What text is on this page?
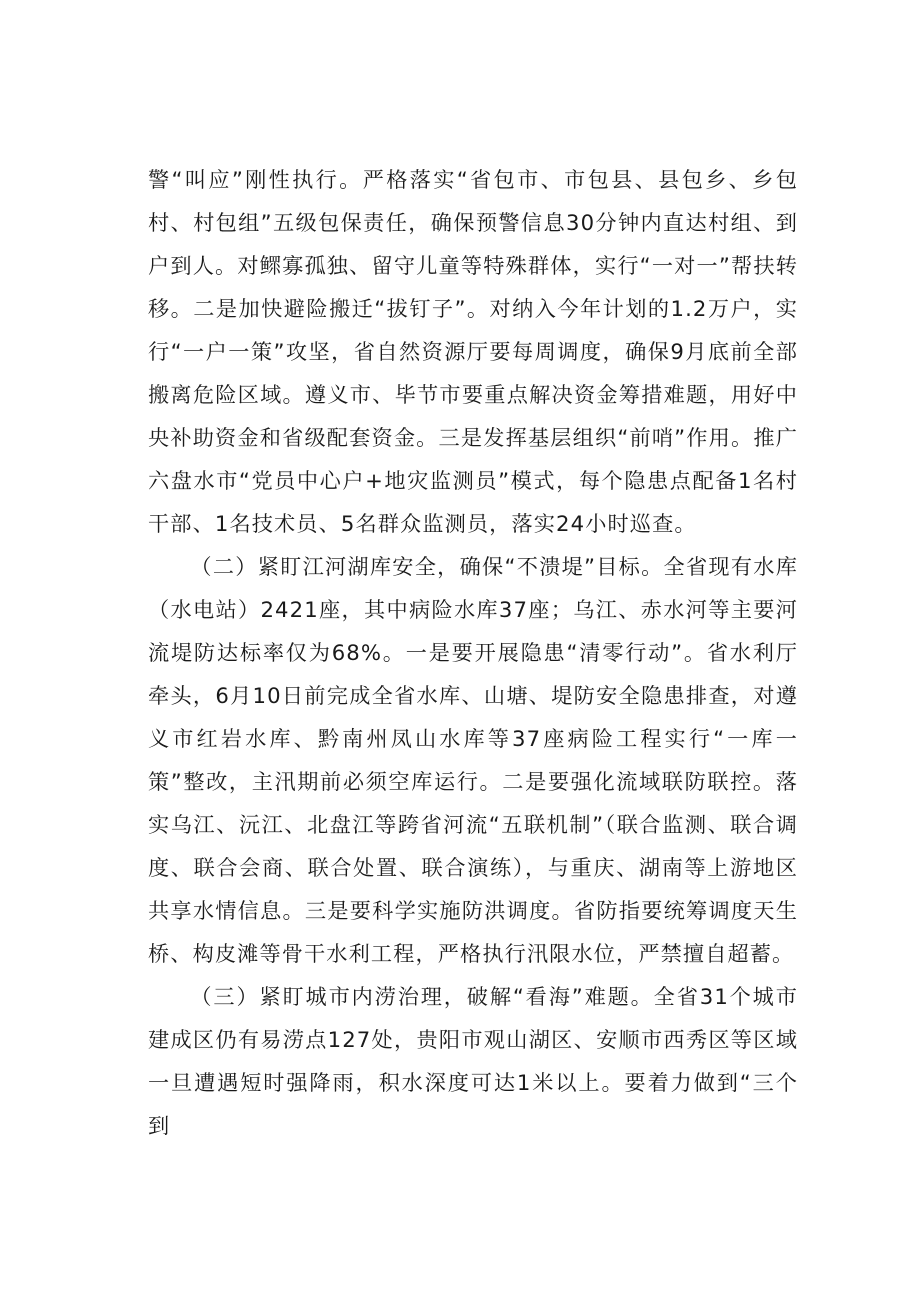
警“叫应”刚性执行。严格落实“省包市、市包县、县包乡、乡包村、村包组”五级包保责任，确保预警信息30分钟内直达村组、到户到人。对鳏寡孤独、留守儿童等特殊群体，实行“一对一”帮扶转移。二是加快避险搬迁“拔钉子”。对纳入今年计划的1.2万户，实行“一户一策”攻坚，省自然资源厅要每周调度，确保9月底前全部搬离危险区域。遵义市、毕节市要重点解决资金筹措难题，用好中央补助资金和省级配套资金。三是发挥基层组织“前哨”作用。推广六盘水市“党员中心户+地灾监测员”模式，每个隐患点配备1名村干部、1名技术员、5名群众监测员，落实24小时巡查。

（二）紧盯江河湖库安全，确保“不溃堤”目标。全省现有水库（水电站）2421座，其中病险水库37座；乌江、赤水河等主要河流堤防达标率仅为68%。一是要开展隐患“清零行动”。省水利厅牵头，6月10日前完成全省水库、山塘、堤防安全隐患排查，对遵义市红岩水库、黔南州凤山水库等37座病险工程实行“一库一策”整改，主汛期前必须空库运行。二是要强化流域联防联控。落实乌江、沅江、北盘江等跨省河流“五联机制”（联合监测、联合调度、联合会商、联合处置、联合演练），与重庆、湖南等上游地区共享水情信息。三是要科学实施防洪调度。省防指要统筹调度天生桥、构皮滩等骨干水利工程，严格执行汛限水位，严禁擅自超蓄。

（三）紧盯城市内涝治理，破解“看海”难题。全省31个城市建成区仍有易涝点127处，贵阳市观山湖区、安顺市西秀区等区域一旦遭遇短时强降雨，积水深度可达1米以上。要着力做到“三个到
